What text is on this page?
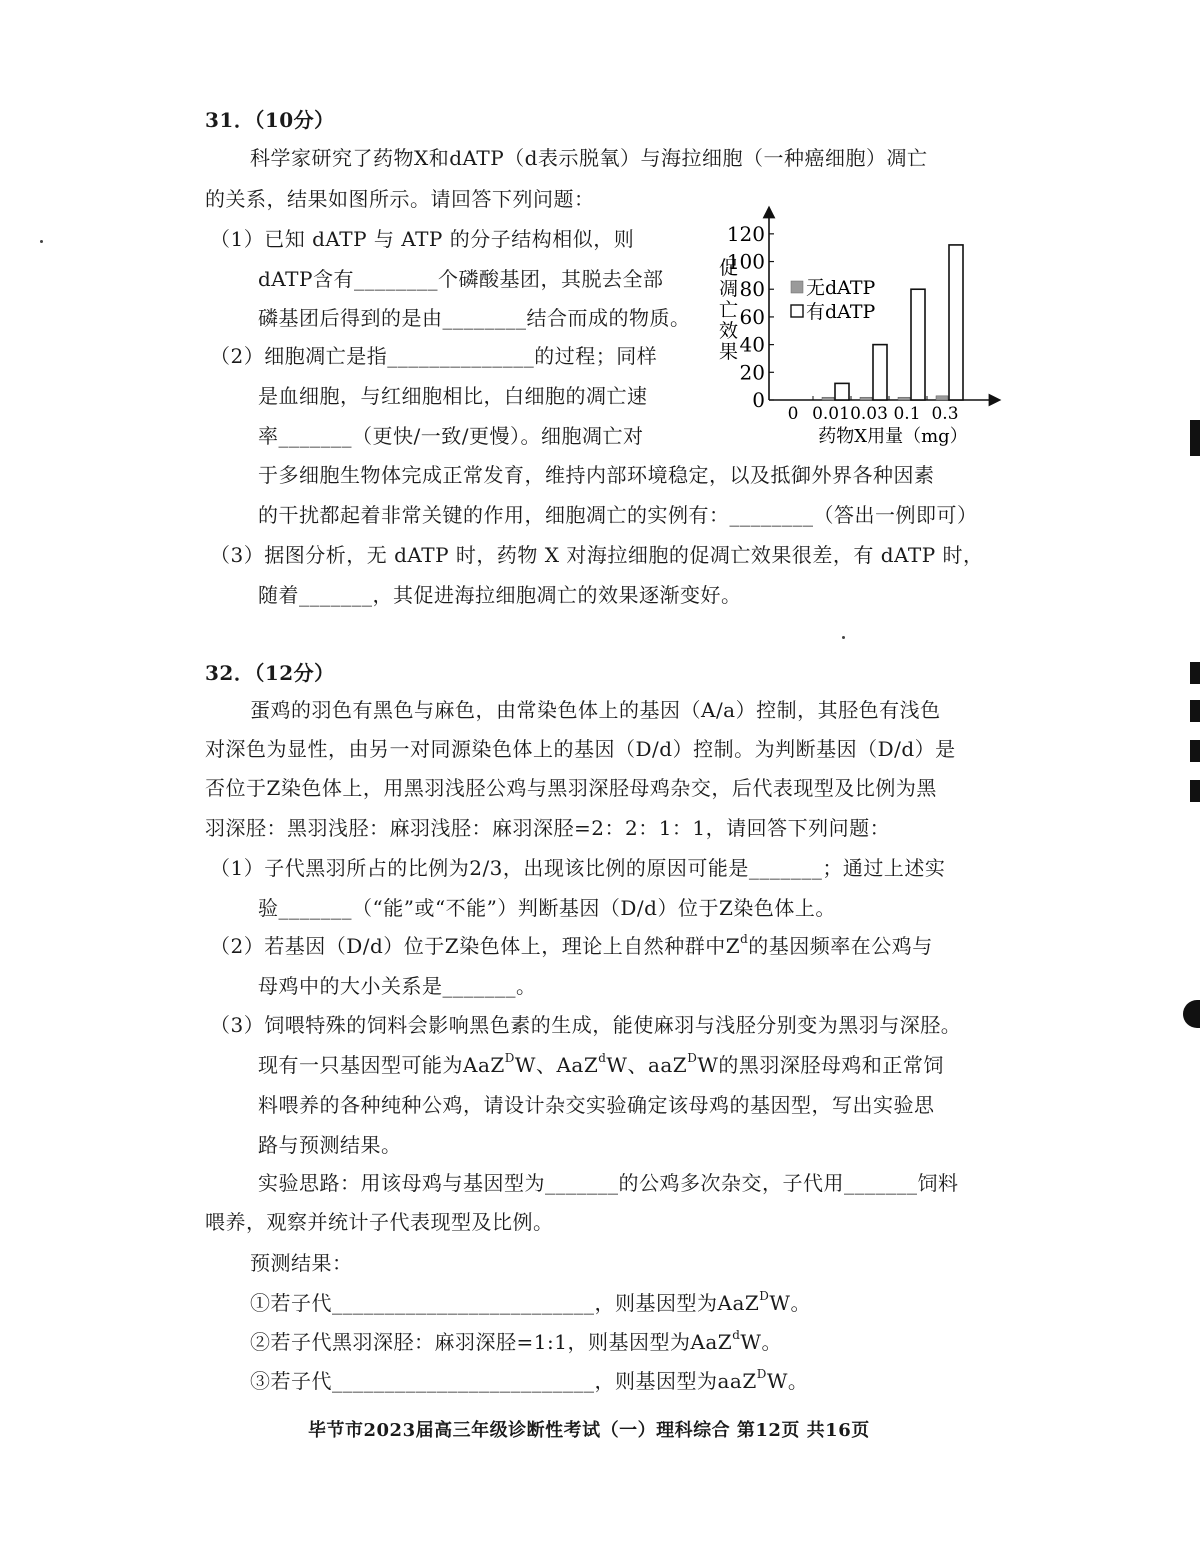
31．（10分）
科学家研究了药物X和dATP（d表示脱氧）与海拉细胞（一种癌细胞）凋亡
的关系，结果如图所示。请回答下列问题：
（1）已知 dATP 与 ATP 的分子结构相似，则
dATP含有________个磷酸基团，其脱去全部
磷基团后得到的是由________结合而成的物质。
（2）细胞凋亡是指______________的过程；同样
是血细胞，与红细胞相比，白细胞的凋亡速
率_______（更快/一致/更慢）。细胞凋亡对
于多细胞生物体完成正常发育，维持内部环境稳定，以及抵御外界各种因素
的干扰都起着非常关键的作用，细胞凋亡的实例有：________（答出一例即可）
（3）据图分析，无 dATP 时，药物 X 对海拉细胞的促凋亡效果很差，有 dATP 时，
随着_______，其促进海拉细胞凋亡的效果逐渐变好。
促凋亡效果
0
20
40
60
80
100
120
0 0.01 0.03 0.1 0.3
无dATP
有dATP
药物X用量（mg）
32．（12分）
蛋鸡的羽色有黑色与麻色，由常染色体上的基因（A/a）控制，其胫色有浅色
对深色为显性，由另一对同源染色体上的基因（D/d）控制。为判断基因（D/d）是
否位于Z染色体上，用黑羽浅胫公鸡与黑羽深胫母鸡杂交，后代表现型及比例为黑
羽深胫：黑羽浅胫：麻羽浅胫：麻羽深胫=2：2：1：1，请回答下列问题：
（1）子代黑羽所占的比例为2/3，出现该比例的原因可能是_______；通过上述实
验_______（“能”或“不能”）判断基因（D/d）位于Z染色体上。
（2）若基因（D/d）位于Z染色体上，理论上自然种群中$Z^d$的基因频率在公鸡与
母鸡中的大小关系是_______。
（3）饲喂特殊的饲料会影响黑色素的生成，能使麻羽与浅胫分别变为黑羽与深胫。
现有一只基因型可能为AaZ$^D$W、AaZ$^d$W、aaZ$^D$W的黑羽深胫母鸡和正常饲
料喂养的各种纯种公鸡，请设计杂交实验确定该母鸡的基因型，写出实验思
路与预测结果。
实验思路：用该母鸡与基因型为_______的公鸡多次杂交，子代用_______饲料
喂养，观察并统计子代表现型及比例。
预测结果：
①若子代_________________________，则基因型为AaZ$^D$W。
②若子代黑羽深胫：麻羽深胫=1:1，则基因型为AaZ$^d$W。
③若子代_________________________，则基因型为aaZ$^D$W。
毕节市2023届高三年级诊断性考试（一）理科综合 第12页 共16页
